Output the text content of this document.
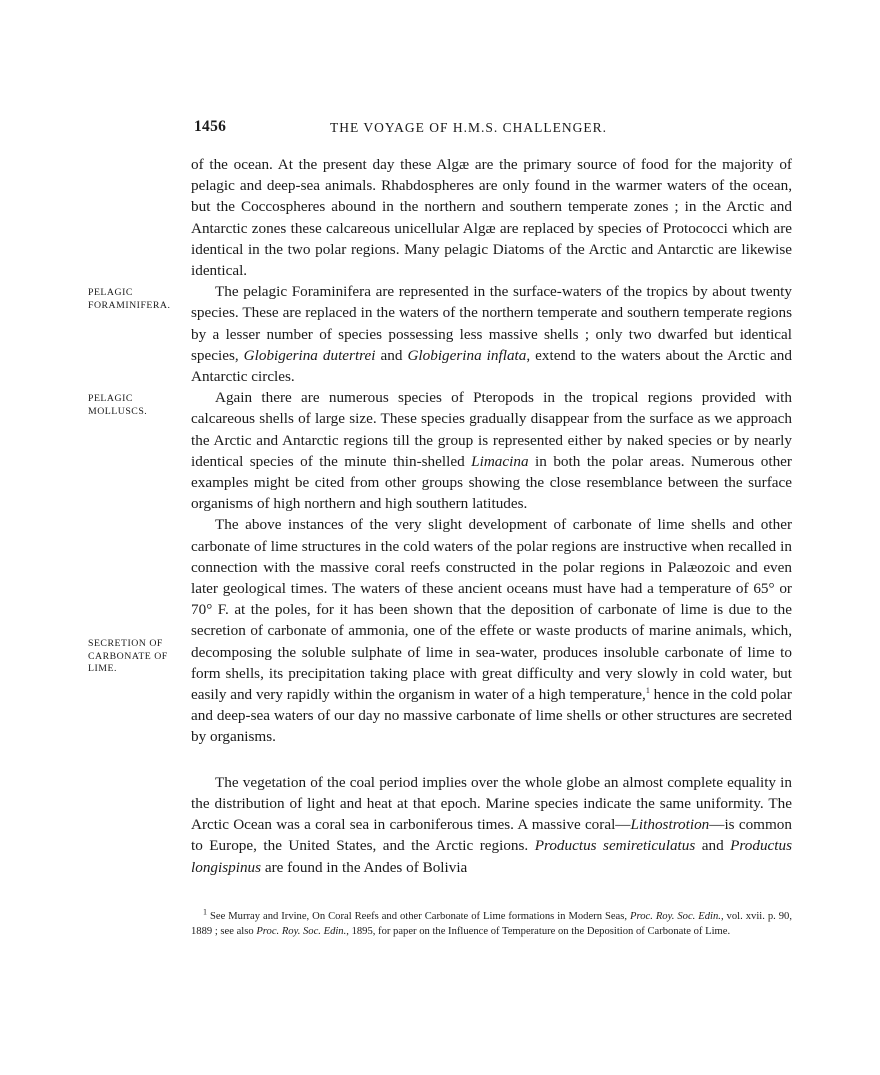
1456	THE VOYAGE OF H.M.S. CHALLENGER.
PELAGIC
FORAMINIFERA.
PELAGIC
MOLLUSCS.
SECRETION OF
CARBONATE OF
LIME.

of the ocean. At the present day these Algæ are the primary source of food for the majority of pelagic and deep-sea animals. Rhabdospheres are only found in the warmer waters of the ocean, but the Coccospheres abound in the northern and southern temperate zones ; in the Arctic and Antarctic zones these calcareous unicellular Algæ are replaced by species of Protococci which are identical in the two polar regions. Many pelagic Diatoms of the Arctic and Antarctic are likewise identical.

The pelagic Foraminifera are represented in the surface-waters of the tropics by about twenty species. These are replaced in the waters of the northern temperate and southern temperate regions by a lesser number of species possessing less massive shells ; only two dwarfed but identical species, Globigerina dutertrei and Globigerina inflata, extend to the waters about the Arctic and Antarctic circles.

Again there are numerous species of Pteropods in the tropical regions provided with calcareous shells of large size. These species gradually disappear from the surface as we approach the Arctic and Antarctic regions till the group is represented either by naked species or by nearly identical species of the minute thin-shelled Limacina in both the polar areas. Numerous other examples might be cited from other groups showing the close resemblance between the surface organisms of high northern and high southern latitudes.

The above instances of the very slight development of carbonate of lime shells and other carbonate of lime structures in the cold waters of the polar regions are instructive when recalled in connection with the massive coral reefs constructed in the polar regions in Palæozoic and even later geological times. The waters of these ancient oceans must have had a temperature of 65° or 70° F. at the poles, for it has been shown that the deposition of carbonate of lime is due to the secretion of carbonate of ammonia, one of the effete or waste products of marine animals, which, decomposing the soluble sulphate of lime in sea-water, produces insoluble carbonate of lime to form shells, its precipitation taking place with great difficulty and very slowly in cold water, but easily and very rapidly within the organism in water of a high temperature,$^1$ hence in the cold polar and deep-sea waters of our day no massive carbonate of lime shells or other structures are secreted by organisms.

The vegetation of the coal period implies over the whole globe an almost complete equality in the distribution of light and heat at that epoch. Marine species indicate the same uniformity. The Arctic Ocean was a coral sea in carboniferous times. A massive coral—Lithostrotion—is common to Europe, the United States, and the Arctic regions. Productus semireticulatus and Productus longispinus are found in the Andes of Bolivia

$^1$ See Murray and Irvine, On Coral Reefs and other Carbonate of Lime formations in Modern Seas, Proc. Roy. Soc. Edin., vol. xvii. p. 90, 1889 ; see also Proc. Roy. Soc. Edin., 1895, for paper on the Influence of Temperature on the Deposition of Carbonate of Lime.
